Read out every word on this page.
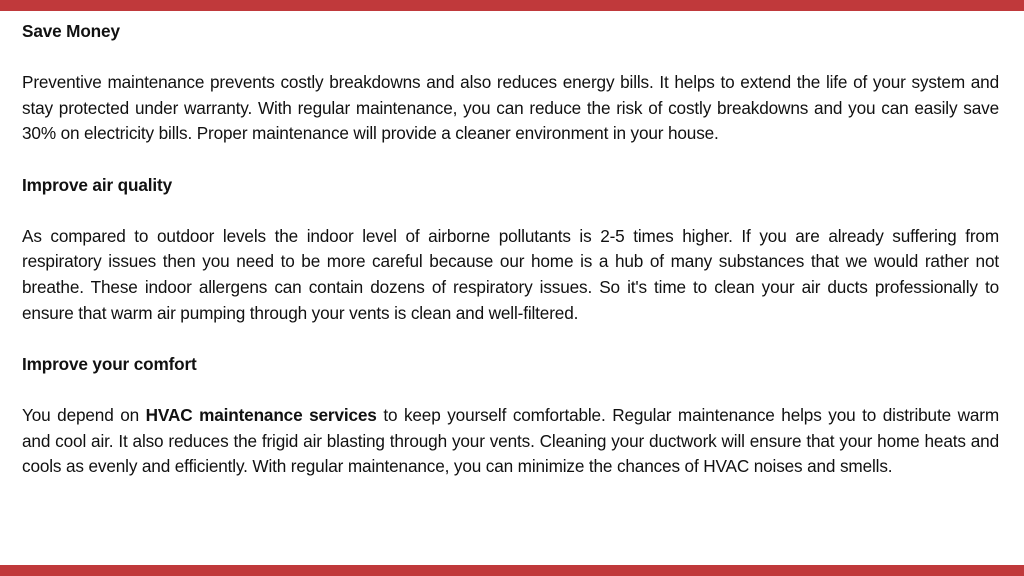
Save Money

Preventive maintenance prevents costly breakdowns and also reduces energy bills. It helps to extend the life of your system and stay protected under warranty. With regular maintenance, you can reduce the risk of costly breakdowns and you can easily save 30% on electricity bills. Proper maintenance will provide a cleaner environment in your house.

Improve air quality

As compared to outdoor levels the indoor level of airborne pollutants is 2-5 times higher. If you are already suffering from respiratory issues then you need to be more careful because our home is a hub of many substances that we would rather not breathe. These indoor allergens can contain dozens of respiratory issues. So it's time to clean your air ducts professionally to ensure that warm air pumping through your vents is clean and well-filtered.

Improve your comfort

You depend on HVAC maintenance services to keep yourself comfortable. Regular maintenance helps you to distribute warm and cool air. It also reduces the frigid air blasting through your vents. Cleaning your ductwork will ensure that your home heats and cools as evenly and efficiently. With regular maintenance, you can minimize the chances of HVAC noises and smells.
